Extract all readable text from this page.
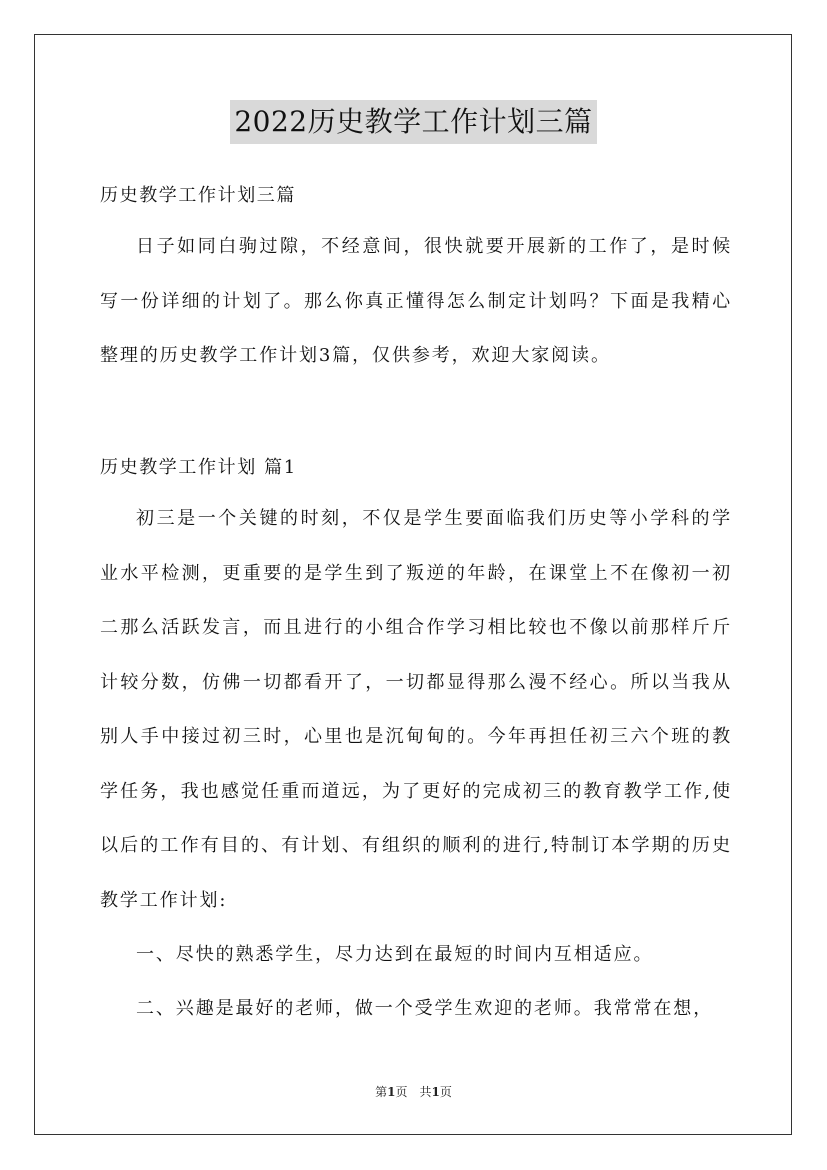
2022历史教学工作计划三篇

历史教学工作计划三篇

日子如同白驹过隙，不经意间，很快就要开展新的工作了，是时候写一份详细的计划了。那么你真正懂得怎么制定计划吗？下面是我精心整理的历史教学工作计划3篇，仅供参考，欢迎大家阅读。

历史教学工作计划 篇1

初三是一个关键的时刻，不仅是学生要面临我们历史等小学科的学业水平检测，更重要的是学生到了叛逆的年龄，在课堂上不在像初一初二那么活跃发言，而且进行的小组合作学习相比较也不像以前那样斤斤计较分数，仿佛一切都看开了，一切都显得那么漫不经心。所以当我从别人手中接过初三时，心里也是沉甸甸的。今年再担任初三六个班的教学任务，我也感觉任重而道远，为了更好的完成初三的教育教学工作,使以后的工作有目的、有计划、有组织的顺利的进行,特制订本学期的历史教学工作计划:

一、尽快的熟悉学生，尽力达到在最短的时间内互相适应。

二、兴趣是最好的老师，做一个受学生欢迎的老师。我常常在想，

第1页　共1页
